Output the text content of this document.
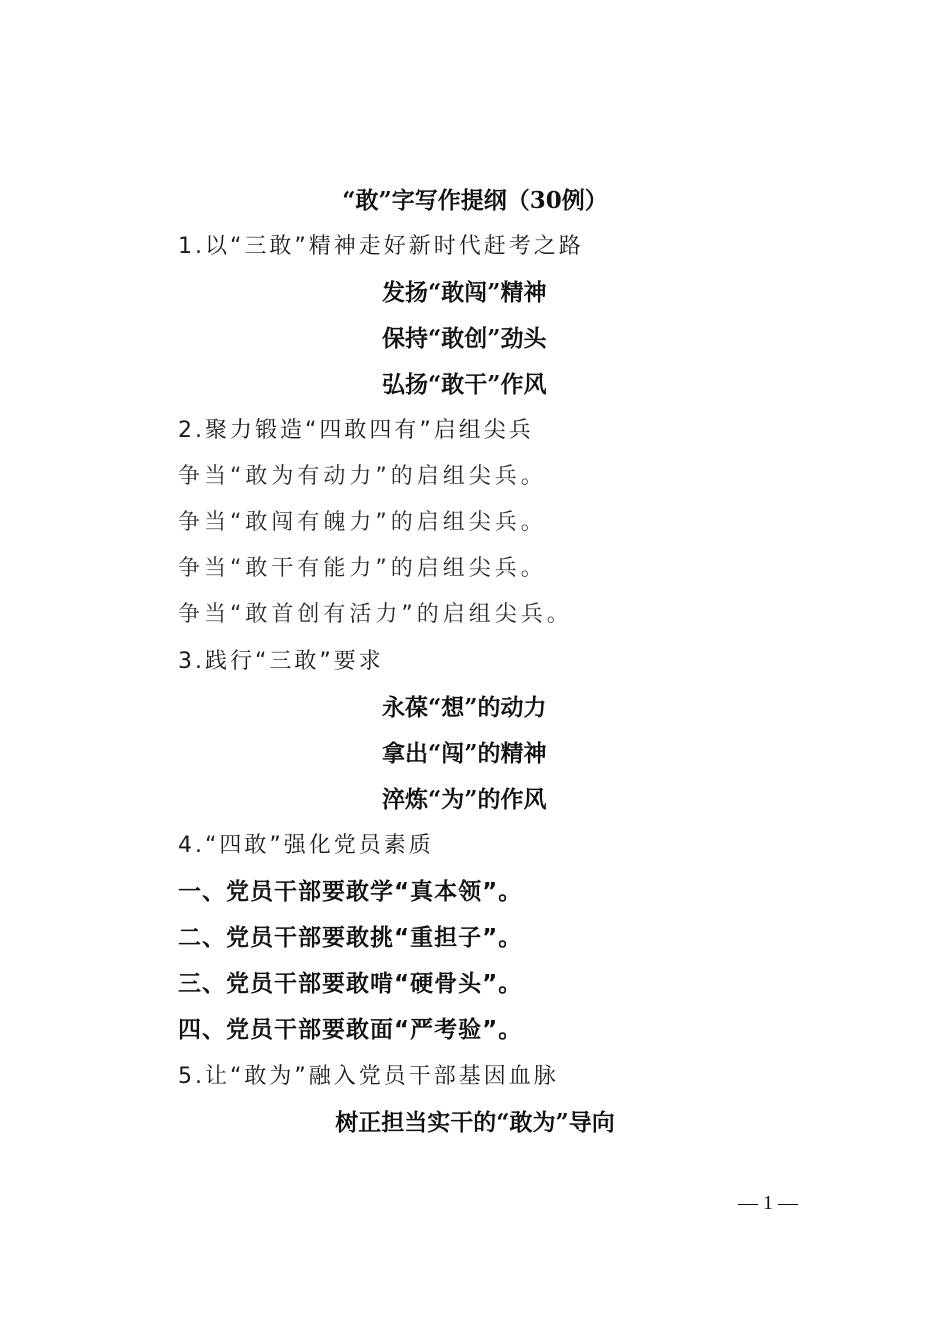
“敢”字写作提纲（30例）
1.以“三敢”精神走好新时代赶考之路
发扬“敢闯”精神
保持“敢创”劲头
弘扬“敢干”作风
2.聚力锻造“四敢四有”启组尖兵
争当“敢为有动力”的启组尖兵。
争当“敢闯有魄力”的启组尖兵。
争当“敢干有能力”的启组尖兵。
争当“敢首创有活力”的启组尖兵。
3.践行“三敢”要求
永葆“想”的动力
拿出“闯”的精神
淬炼“为”的作风
4.“四敢”强化党员素质
一、党员干部要敢学“真本领”。
二、党员干部要敢挑“重担子”。
三、党员干部要敢啃“硬骨头”。
四、党员干部要敢面“严考验”。
5.让“敢为”融入党员干部基因血脉
树正担当实干的“敢为”导向
— 1 —
